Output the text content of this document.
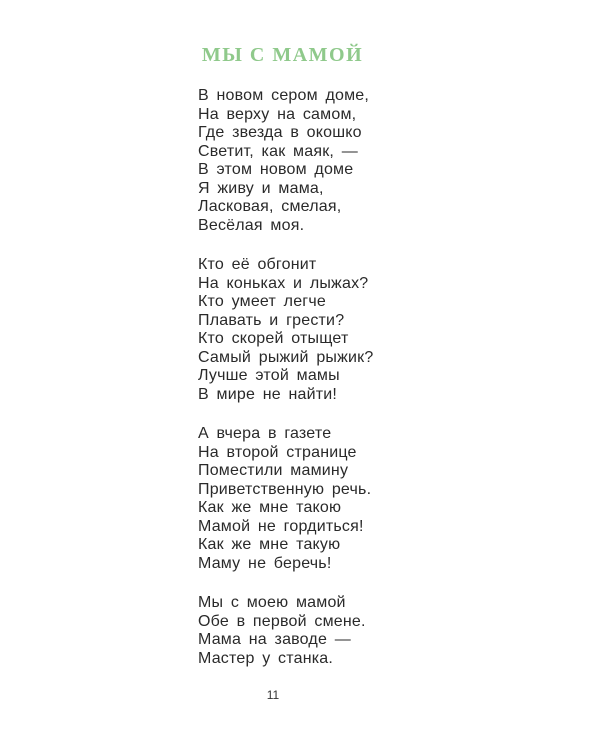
МЫ С МАМОЙ
В новом сером доме,
На верху на самом,
Где звезда в окошко
Светит, как маяк, —
В этом новом доме
Я живу и мама,
Ласковая, смелая,
Весёлая моя.
Кто её обгонит
На коньках и лыжах?
Кто умеет легче
Плавать и грести?
Кто скорей отыщет
Самый рыжий рыжик?
Лучше этой мамы
В мире не найти!
А вчера в газете
На второй странице
Поместили мамину
Приветственную речь.
Как же мне такою
Мамой не гордиться!
Как же мне такую
Маму не беречь!
Мы с моею мамой
Обе в первой смене.
Мама на заводе —
Мастер у станка.
11
